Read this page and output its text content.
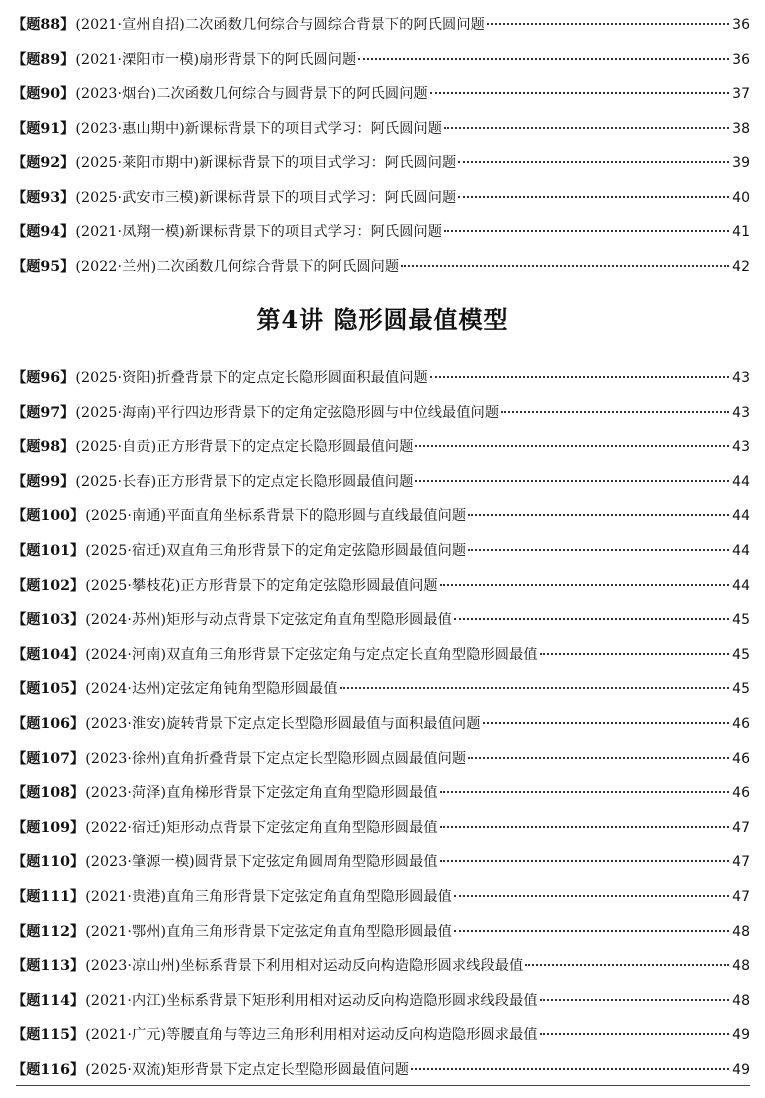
【 题88 】 (2021·宣州自招)二次函数几何综合与圆综合背景下的阿氏圆问题	36
【 题89 】 (2021·溧阳市一模)扇形背景下的阿氏圆问题	36
【 题90 】 (2023·烟台)二次函数几何综合与圆背景下的阿氏圆问题	37
【 题91 】 (2023·惠山期中)新课标背景下的项目式学习：阿氏圆问题	38
【 题92 】 (2025·莱阳市期中)新课标背景下的项目式学习：阿氏圆问题	39
【 题93 】 (2025·武安市三模)新课标背景下的项目式学习：阿氏圆问题	40
【 题94 】 (2021·凤翔一模)新课标背景下的项目式学习：阿氏圆问题	41
【 题95 】 (2022·兰州)二次函数几何综合背景下的阿氏圆问题	42
第4讲 隐形圆最值模型
【 题96 】 (2025·资阳)折叠背景下的定点定长隐形圆面积最值问题	43
【 题97 】 (2025·海南)平行四边形背景下的定角定弦隐形圆与中位线最值问题	43
【 题98 】 (2025·自贡)正方形背景下的定点定长隐形圆最值问题	43
【 题99 】 (2025·长春)正方形背景下的定点定长隐形圆最值问题	44
【 题100 】 (2025·南通)平面直角坐标系背景下的隐形圆与直线最值问题	44
【 题101 】 (2025·宿迁)双直角三角形背景下的定角定弦隐形圆最值问题	44
【 题102 】 (2025·攀枝花)正方形背景下的定角定弦隐形圆最值问题	44
【 题103 】 (2024·苏州)矩形与动点背景下定弦定角直角型隐形圆最值	45
【 题104 】 (2024·河南)双直角三角形背景下定弦定角与定点定长直角型隐形圆最值	45
【 题105 】 (2024·达州)定弦定角钝角型隐形圆最值	45
【 题106 】 (2023·淮安)旋转背景下定点定长型隐形圆最值与面积最值问题	46
【 题107 】 (2023·徐州)直角折叠背景下定点定长型隐形圆点圆最值问题	46
【 题108 】 (2023·菏泽)直角梯形背景下定弦定角直角型隐形圆最值	46
【 题109 】 (2022·宿迁)矩形动点背景下定弦定角直角型隐形圆最值	47
【 题110 】 (2023·肇源一模)圆背景下定弦定角圆周角型隐形圆最值	47
【 题111 】 (2021·贵港)直角三角形背景下定弦定角直角型隐形圆最值	47
【 题112 】 (2021·鄂州)直角三角形背景下定弦定角直角型隐形圆最值	48
【 题113 】 (2023·凉山州)坐标系背景下利用相对运动反向构造隐形圆求线段最值	48
【 题114 】 (2021·内江)坐标系背景下矩形利用相对运动反向构造隐形圆求线段最值	48
【 题115 】 (2021·广元)等腰直角与等边三角形利用相对运动反向构造隐形圆求最值	49
【 题116 】 (2025·双流)矩形背景下定点定长型隐形圆最值问题	49
